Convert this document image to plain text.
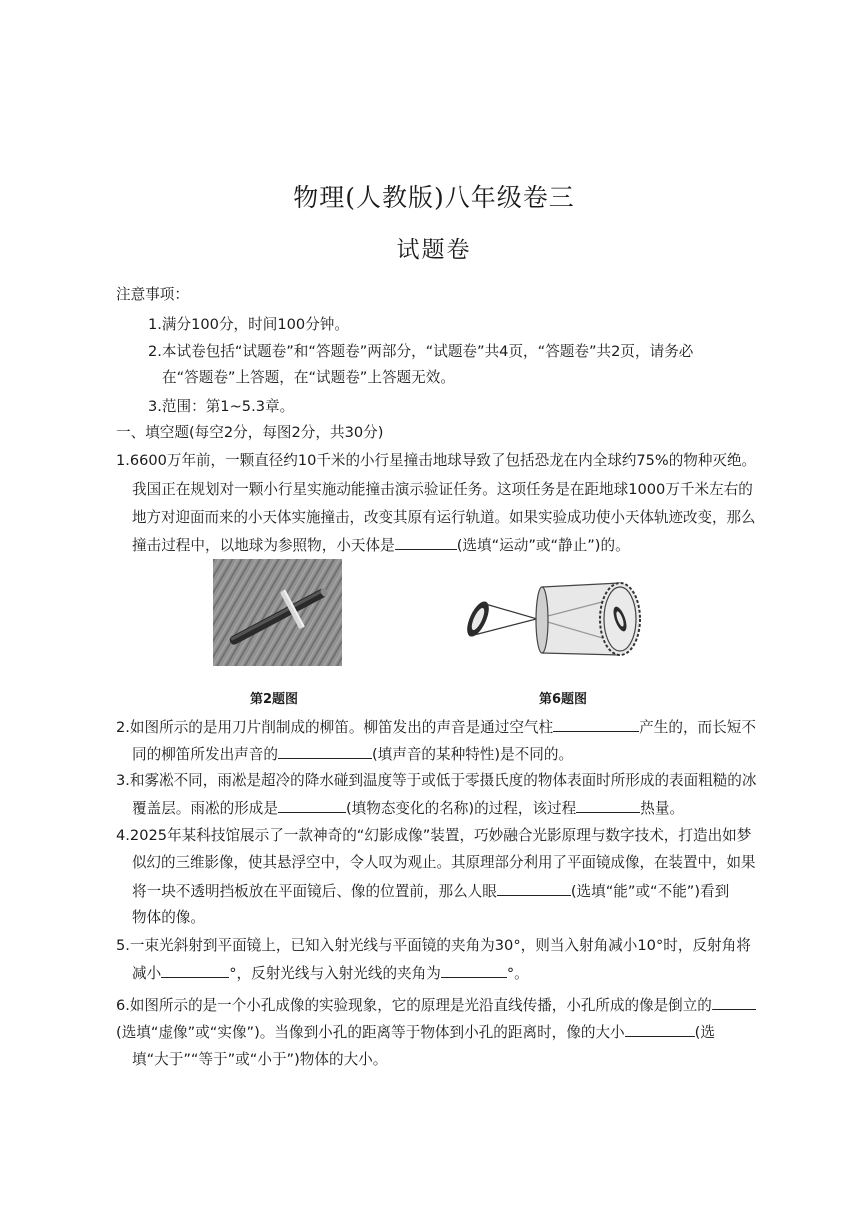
物理(人教版)八年级卷三
试题卷
注意事项：
1.满分100分，时间100分钟。
2.本试卷包括“试题卷”和“答题卷”两部分，“试题卷”共4页，“答题卷”共2页，请务必
在“答题卷”上答题，在“试题卷”上答题无效。
3.范围：第1~5.3章。
一、填空题(每空2分，每图2分，共30分)
1.6600万年前，一颗直径约10千米的小行星撞击地球导致了包括恐龙在内全球约75%的物种灭绝。
我国正在规划对一颗小行星实施动能撞击演示验证任务。这项任务是在距地球1000万千米左右的
地方对迎面而来的小天体实施撞击，改变其原有运行轨道。如果实验成功使小天体轨迹改变，那么
撞击过程中，以地球为参照物，小天体是	(选填“运动”或“静止”)的。
第2题图	第6题图
2.如图所示的是用刀片削制成的柳笛。柳笛发出的声音是通过空气柱	产生的，而长短不
同的柳笛所发出声音的	(填声音的某种特性)是不同的。
3.和雾凇不同，雨凇是超冷的降水碰到温度等于或低于零摄氏度的物体表面时所形成的表面粗糙的冰
覆盖层。雨凇的形成是	(填物态变化的名称)的过程，该过程	热量。
4.2025年某科技馆展示了一款神奇的“幻影成像”装置，巧妙融合光影原理与数字技术，打造出如梦
似幻的三维影像，使其悬浮空中，令人叹为观止。其原理部分利用了平面镜成像，在装置中，如果
将一块不透明挡板放在平面镜后、像的位置前，那么人眼	(选填“能”或“不能”)看到
物体的像。
5.一束光斜射到平面镜上，已知入射光线与平面镜的夹角为30°，则当入射角减小10°时，反射角将
减小	°，反射光线与入射光线的夹角为	°。
6.如图所示的是一个小孔成像的实验现象，它的原理是光沿直线传播，小孔所成的像是倒立的
(选填“虚像”或“实像”)。当像到小孔的距离等于物体到小孔的距离时，像的大小	(选
填“大于”“等于”或“小于”)物体的大小。
